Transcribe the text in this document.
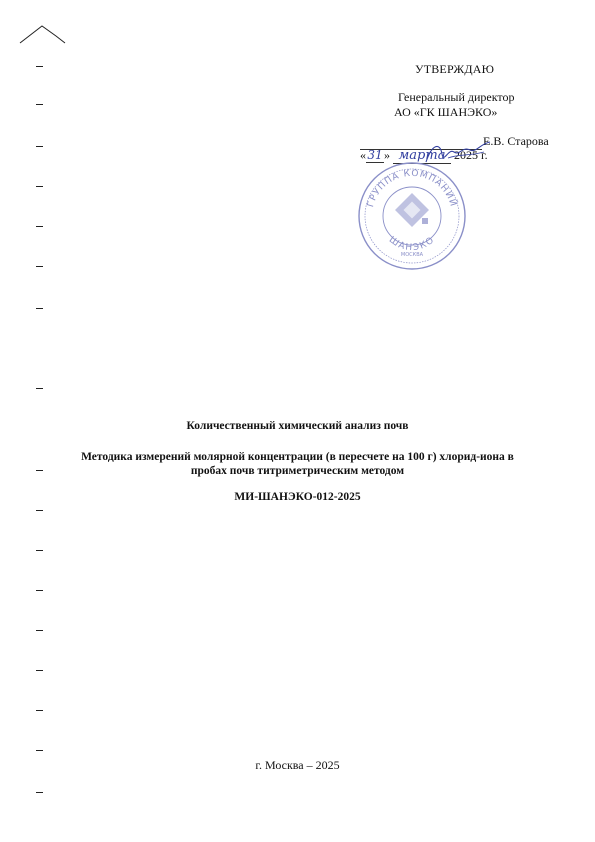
УТВЕРЖДАЮ
Генеральный директор
АО «ГК ШАНЭКО»
Е.В. Старова
«31» марта 2025 г.
ГРУППА КОМПАНИЙ
ШАНЭКО
МОСКВА
Количественный химический анализ почв
Методика измерений молярной концентрации (в пересчете на 100 г) хлорид-иона в
пробах почв титриметрическим методом
МИ-ШАНЭКО-012-2025
г. Москва – 2025
